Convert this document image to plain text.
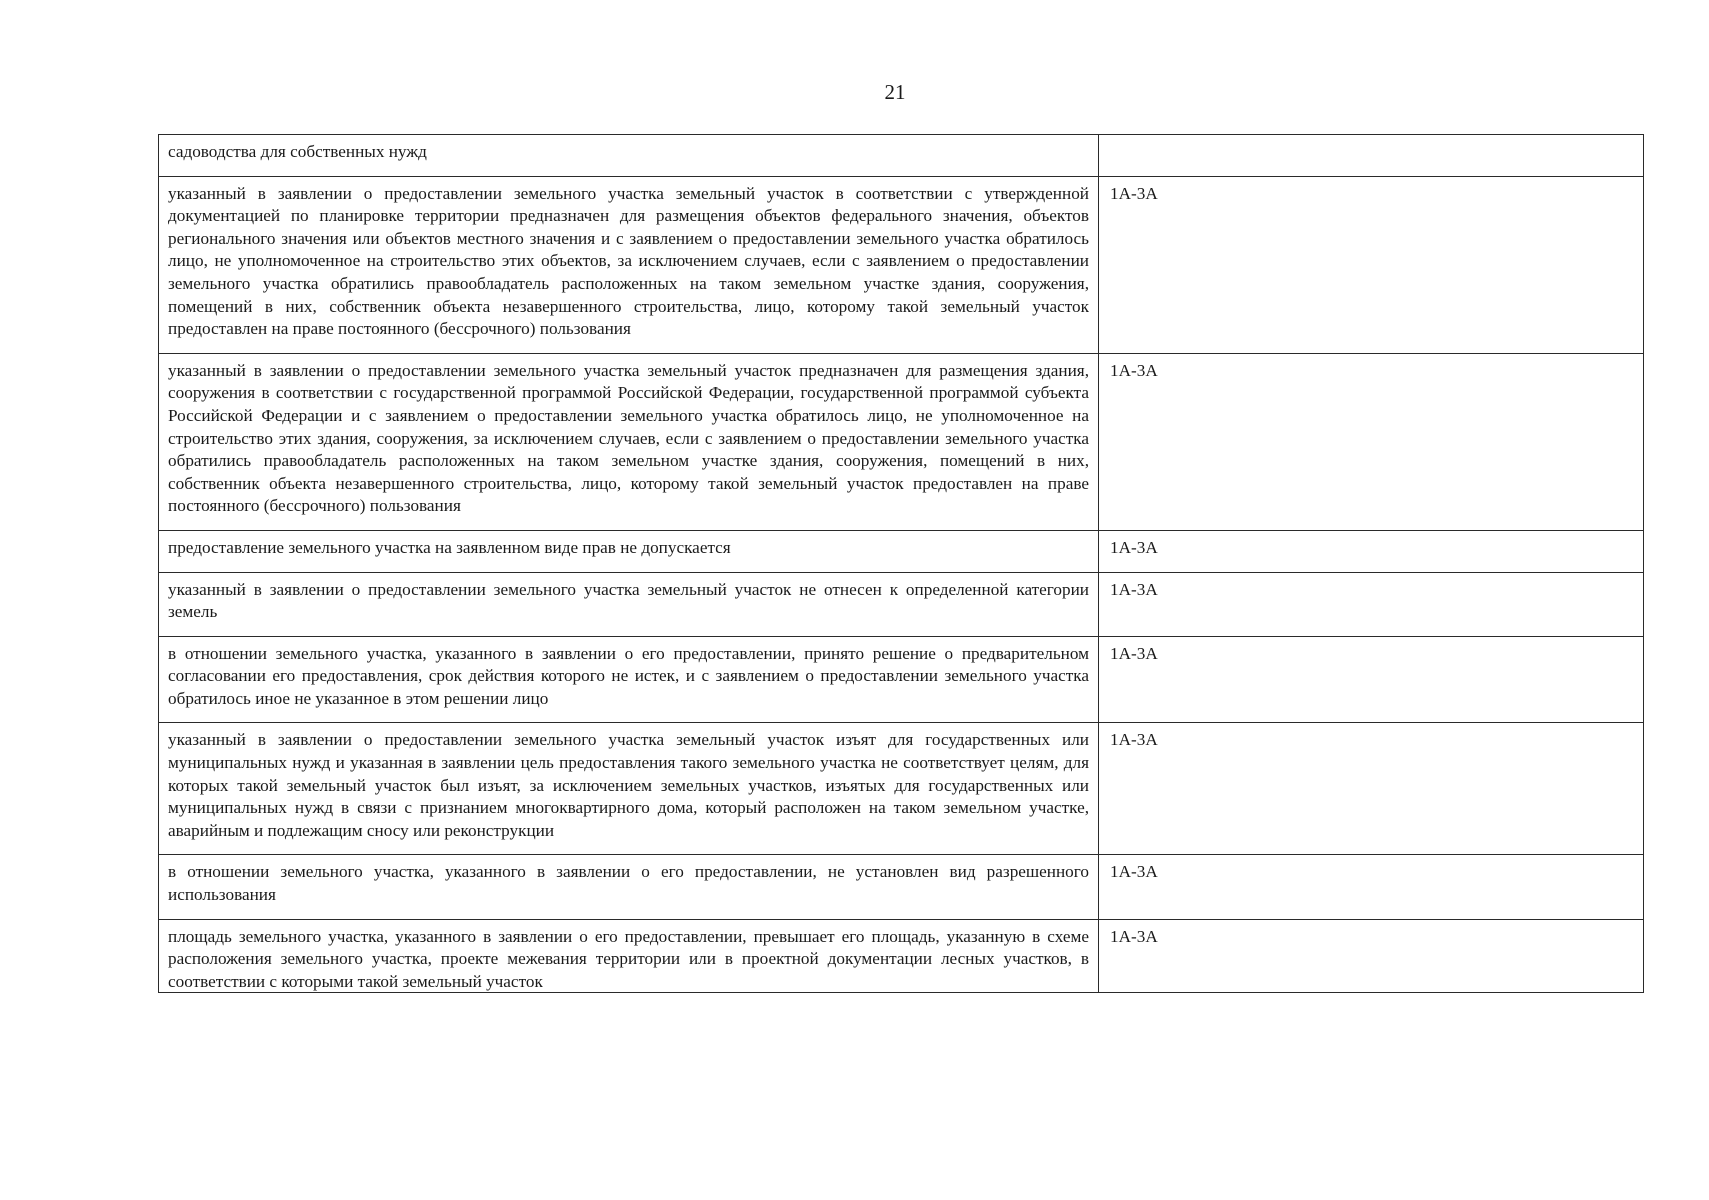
21
садоводства для собственных нужд	
указанный в заявлении о предоставлении земельного участка земельный участок в соответствии с утвержденной документацией по планировке территории предназначен для размещения объектов федерального значения, объектов регионального значения или объектов местного значения и с заявлением о предоставлении земельного участка обратилось лицо, не уполномоченное на строительство этих объектов, за исключением случаев, если с заявлением о предоставлении земельного участка обратились правообладатель расположенных на таком земельном участке здания, сооружения, помещений в них, собственник объекта незавершенного строительства, лицо, которому такой земельный участок предоставлен на праве постоянного (бессрочного) пользования	1А-3А
указанный в заявлении о предоставлении земельного участка земельный участок предназначен для размещения здания, сооружения в соответствии с государственной программой Российской Федерации, государственной программой субъекта Российской Федерации и с заявлением о предоставлении земельного участка обратилось лицо, не уполномоченное на строительство этих здания, сооружения, за исключением случаев, если с заявлением о предоставлении земельного участка обратились правообладатель расположенных на таком земельном участке здания, сооружения, помещений в них, собственник объекта незавершенного строительства, лицо, которому такой земельный участок предоставлен на праве постоянного (бессрочного) пользования	1А-3А
предоставление земельного участка на заявленном виде прав не допускается	1А-3А
указанный в заявлении о предоставлении земельного участка земельный участок не отнесен к определенной категории земель	1А-3А
в отношении земельного участка, указанного в заявлении о его предоставлении, принято решение о предварительном согласовании его предоставления, срок действия которого не истек, и с заявлением о предоставлении земельного участка обратилось иное не указанное в этом решении лицо	1А-3А
указанный в заявлении о предоставлении земельного участка земельный участок изъят для государственных или муниципальных нужд и указанная в заявлении цель предоставления такого земельного участка не соответствует целям, для которых такой земельный участок был изъят, за исключением земельных участков, изъятых для государственных или муниципальных нужд в связи с признанием многоквартирного дома, который расположен на таком земельном участке, аварийным и подлежащим сносу или реконструкции	1А-3А
в отношении земельного участка, указанного в заявлении о его предоставлении, не установлен вид разрешенного использования	1А-3А

площадь земельного участка, указанного в заявлении о его предоставлении, превышает его площадь, указанную в схеме расположения земельного участка, проекте межевания территории или в проектной документации лесных участков, в соответствии с которыми такой земельный участок	1А-3А
